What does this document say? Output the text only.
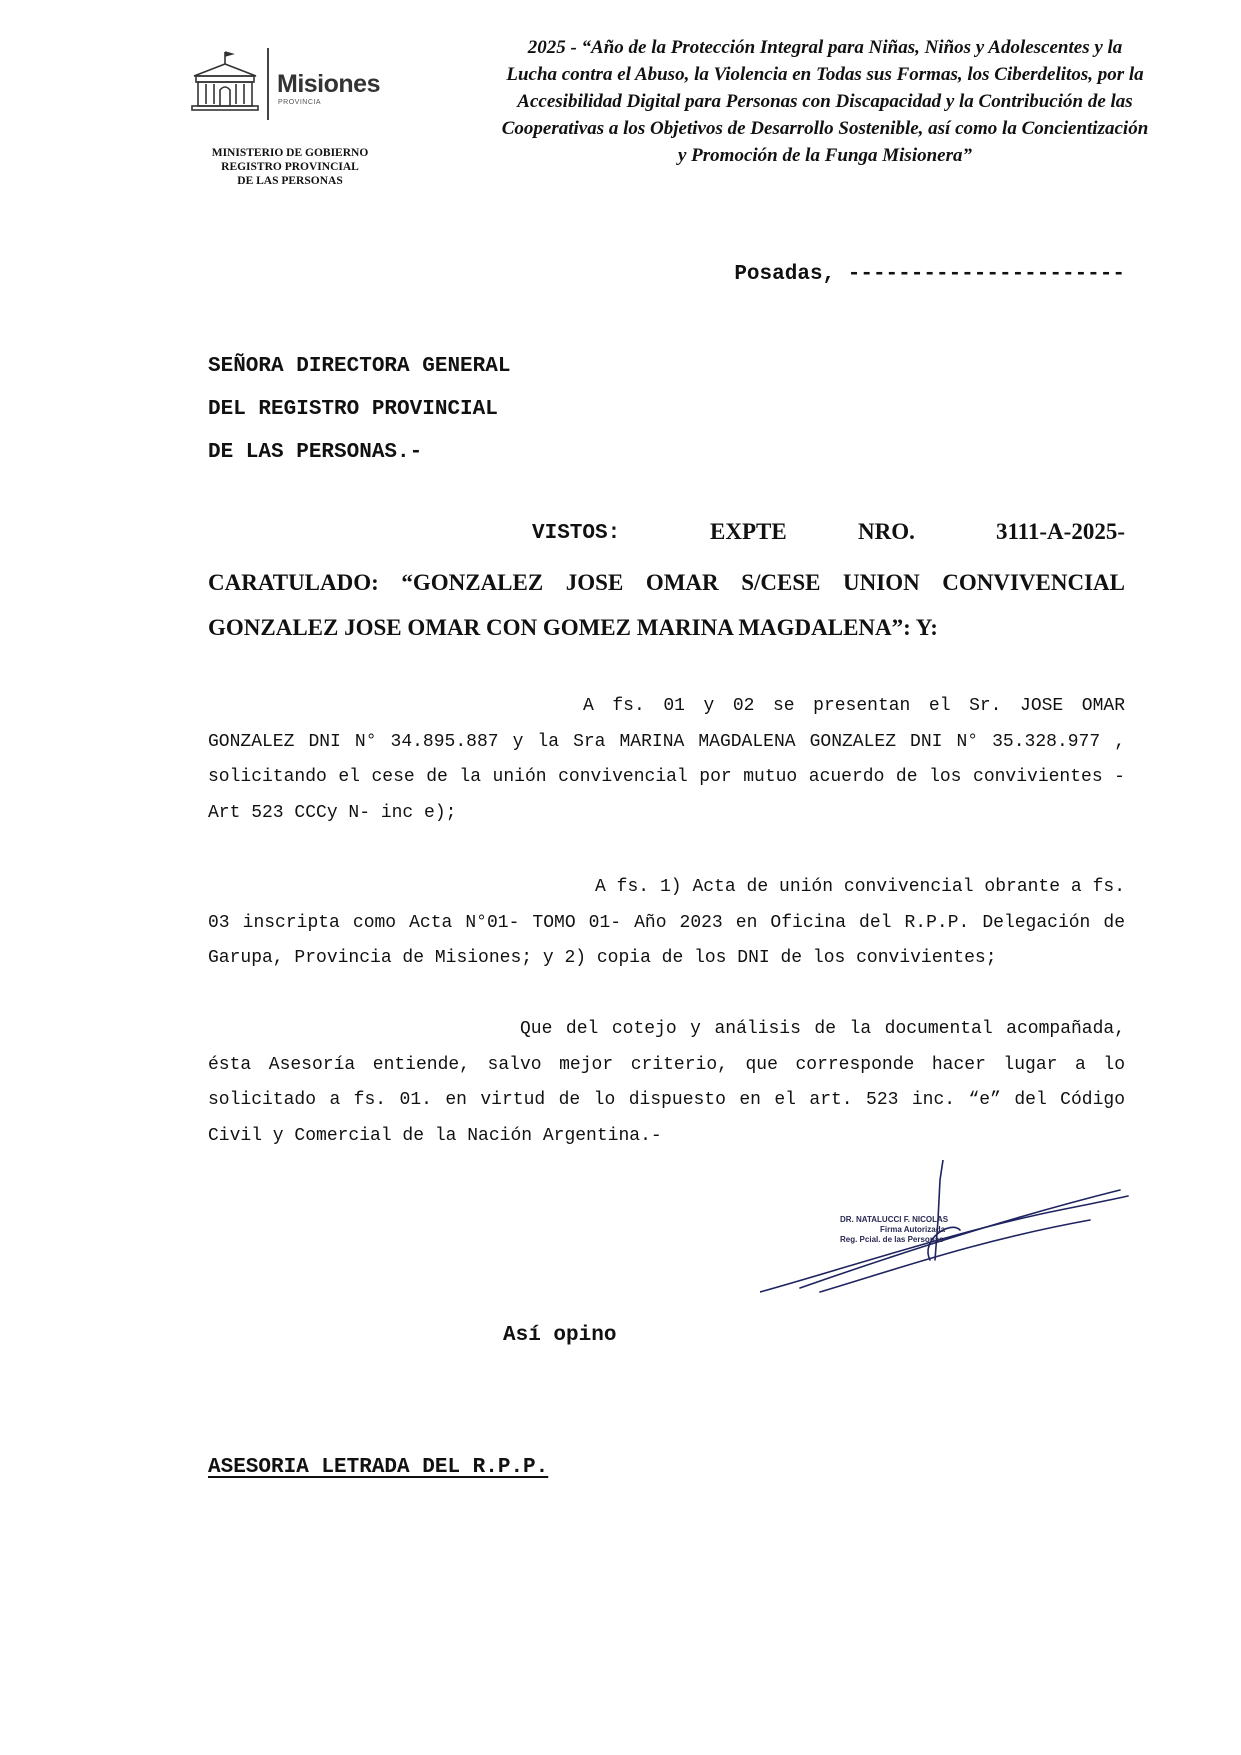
Misiones
PROVINCIA
MINISTERIO DE GOBIERNO
REGISTRO PROVINCIAL
DE LAS PERSONAS
2025 - “Año de la Protección Integral para Niñas, Niños y Adolescentes y la
Lucha contra el Abuso, la Violencia en Todas sus Formas, los Ciberdelitos, por la
Accesibilidad Digital para Personas con Discapacidad y la Contribución de las
Cooperativas a los Objetivos de Desarrollo Sostenible, así como la Concientización
y Promoción de la Funga Misionera”
Posadas, ----------------------
SEÑORA DIRECTORA GENERAL
DEL REGISTRO PROVINCIAL
DE LAS PERSONAS.-
VISTOS:	EXPTE	NRO.	3111-A-2025-
CARATULADO: “GONZALEZ JOSE OMAR S/CESE UNION CONVIVENCIAL GONZALEZ JOSE OMAR CON GOMEZ MARINA MAGDALENA”: Y:
A fs. 01 y 02 se presentan el Sr. JOSE OMAR GONZALEZ DNI N° 34.895.887 y la Sra MARINA MAGDALENA GONZALEZ DNI N° 35.328.977 , solicitando el cese de la unión convivencial por mutuo acuerdo de los convivientes -Art 523 CCCy N- inc e);
A fs. 1) Acta de unión convivencial obrante a fs. 03 inscripta como Acta N°01- TOMO 01- Año 2023 en Oficina del R.P.P. Delegación de Garupa, Provincia de Misiones; y 2) copia de los DNI de los convivientes;
Que del cotejo y análisis de la documental acompañada, ésta Asesoría entiende, salvo mejor criterio, que corresponde hacer lugar a lo solicitado a fs. 01. en virtud de lo dispuesto en el art. 523 inc. “e” del Código Civil y Comercial de la Nación Argentina.-
DR. NATALUCCI F. NICOLAS
Firma Autorizada
Reg. Pcial. de las Personas
Así opino
ASESORIA LETRADA DEL R.P.P.
